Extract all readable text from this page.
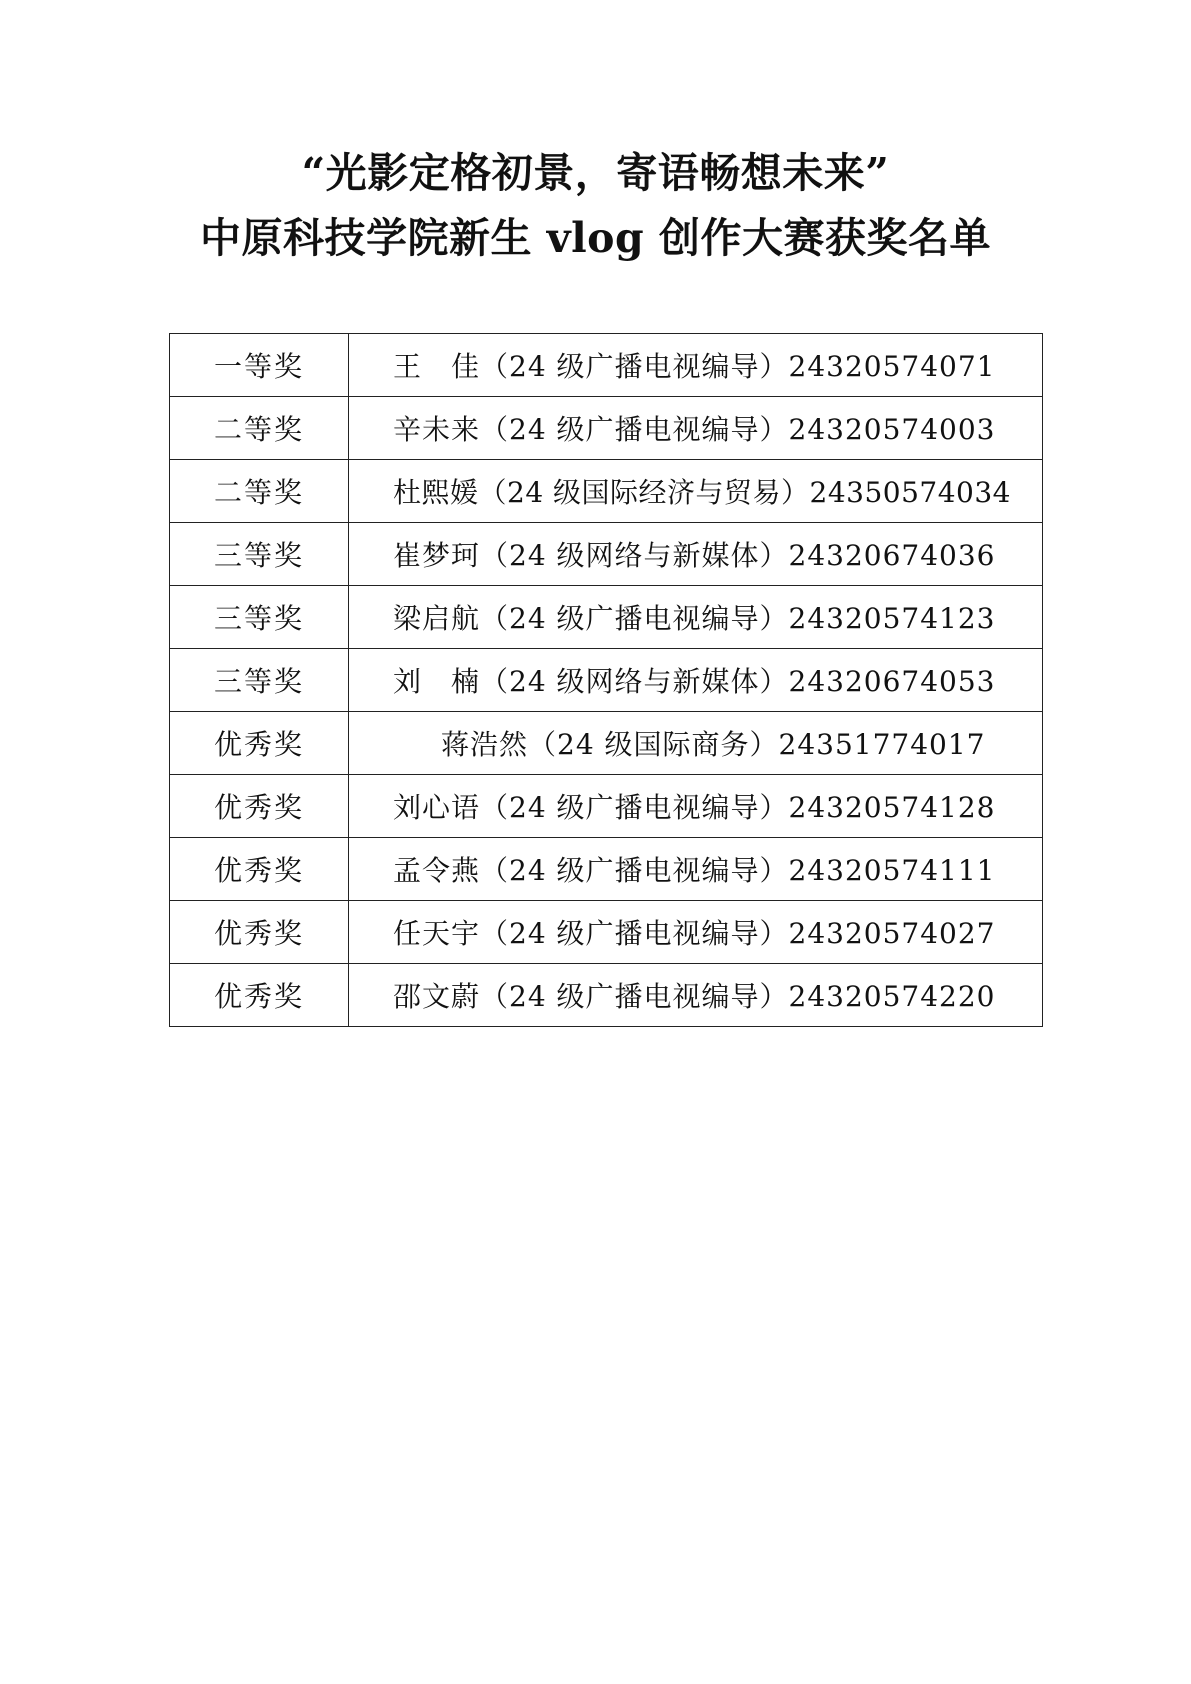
“光影定格初景，寄语畅想未来”
中原科技学院新生 vlog 创作大赛获奖名单
一等奖	王　佳（24 级广播电视编导）24320574071
二等奖	辛未来（24 级广播电视编导）24320574003
二等奖	杜熙媛（24 级国际经济与贸易）24350574034
三等奖	崔梦珂（24 级网络与新媒体）24320674036
三等奖	梁启航（24 级广播电视编导）24320574123
三等奖	刘　楠（24 级网络与新媒体）24320674053
优秀奖	蒋浩然（24 级国际商务）24351774017
优秀奖	刘心语（24 级广播电视编导）24320574128
优秀奖	孟令燕（24 级广播电视编导）24320574111
优秀奖	任天宇（24 级广播电视编导）24320574027
优秀奖	邵文蔚（24 级广播电视编导）24320574220
